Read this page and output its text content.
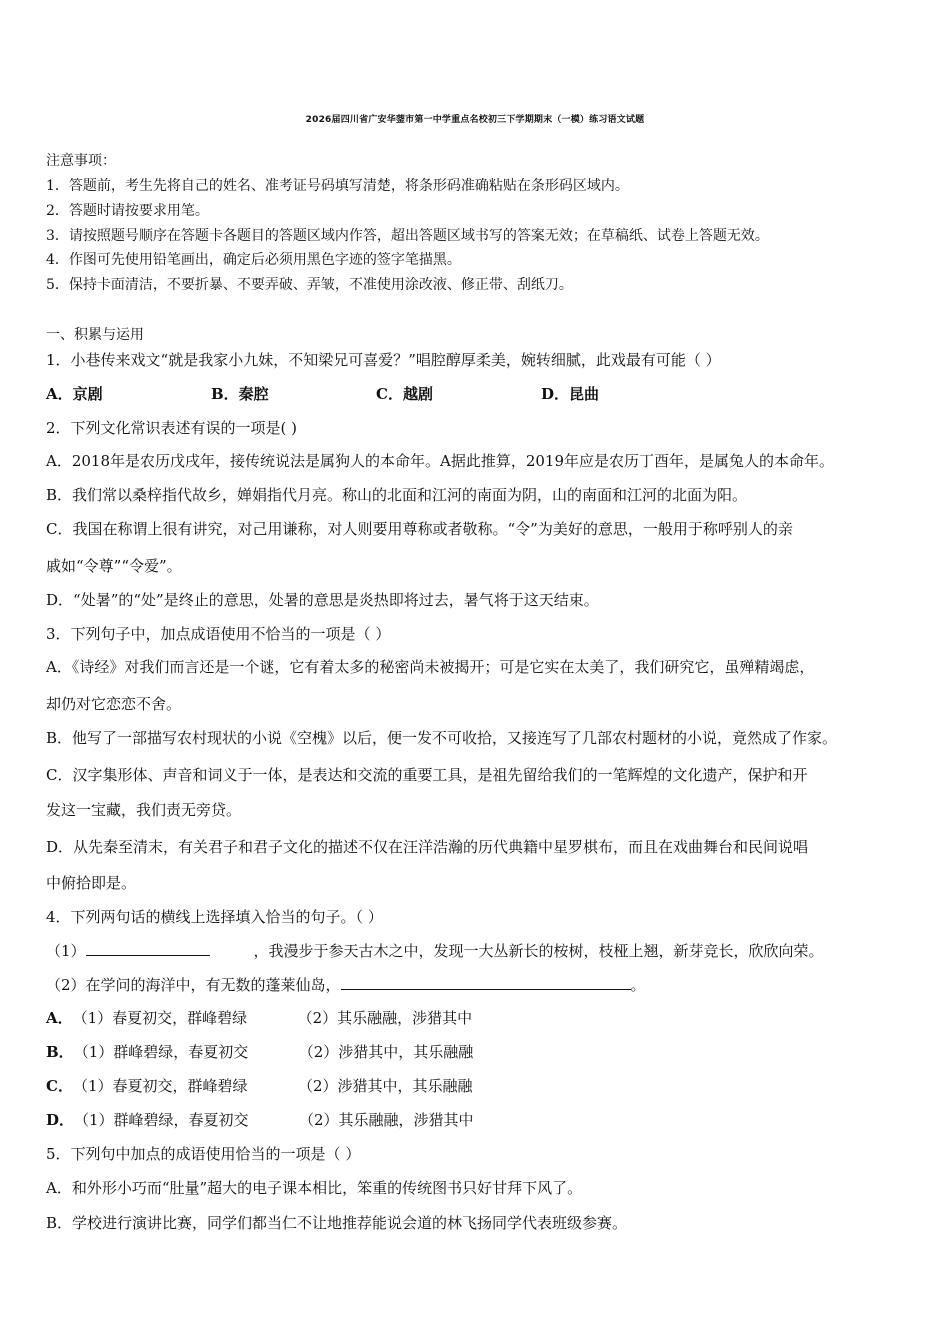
2026届四川省广安华蓥市第一中学重点名校初三下学期期末（一模）练习语文试题
注意事项：
1．答题前，考生先将自己的姓名、准考证号码填写清楚，将条形码准确粘贴在条形码区域内。
2．答题时请按要求用笔。
3．请按照题号顺序在答题卡各题目的答题区域内作答，超出答题区域书写的答案无效；在草稿纸、试卷上答题无效。
4．作图可先使用铅笔画出，确定后必须用黑色字迹的签字笔描黑。
5．保持卡面清洁，不要折暴、不要弄破、弄皱，不准使用涂改液、修正带、刮纸刀。
一、积累与运用
1．小巷传来戏文“就是我家小九妹，不知梁兄可喜爱？”唱腔醇厚柔美，婉转细腻，此戏最有可能（ ）
A．京剧	B．秦腔	C．越剧	D．昆曲
2．下列文化常识表述有误的一项是( )
A．2018年是农历戊戌年，接传统说法是属狗人的本命年。A据此推算，2019年应是农历丁酉年，是属兔人的本命年。
B．我们常以桑梓指代故乡，婵娟指代月亮。称山的北面和江河的南面为阴，山的南面和江河的北面为阳。
C．我国在称谓上很有讲究，对己用谦称，对人则要用尊称或者敬称。“令”为美好的意思，一般用于称呼别人的亲
戚如“令尊”“令爱”。
D．“处暑”的“处”是终止的意思，处暑的意思是炎热即将过去，暑气将于这天结束。
3．下列句子中，加点成语使用不恰当的一项是（ ）
A．《诗经》对我们而言还是一个谜，它有着太多的秘密尚未被揭开；可是它实在太美了，我们研究它，虽殚精竭虑，
却仍对它恋恋不舍。
B．他写了一部描写农村现状的小说《空槐》以后，便一发不可收拾，又接连写了几部农村题材的小说，竟然成了作家。
C．汉字集形体、声音和词义于一体，是表达和交流的重要工具，是祖先留给我们的一笔辉煌的文化遗产，保护和开
发这一宝藏，我们责无旁贷。
D．从先秦至清末，有关君子和君子文化的描述不仅在汪洋浩瀚的历代典籍中星罗棋布，而且在戏曲舞台和民间说唱
中俯拾即是。
4．下列两句话的横线上选择填入恰当的句子。（ ）
（1）	，我漫步于参天古木之中，发现一大丛新长的桉树，枝桠上翘，新芽竞长，欣欣向荣。
（2）在学问的海洋中，有无数的蓬莱仙岛，	。
A．（1）春夏初交，群峰碧绿	（2）其乐融融，涉猎其中
B．（1）群峰碧绿，春夏初交	（2）涉猎其中，其乐融融
C．（1）春夏初交，群峰碧绿	（2）涉猎其中，其乐融融
D．（1）群峰碧绿，春夏初交	（2）其乐融融，涉猎其中
5．下列句中加点的成语使用恰当的一项是（ ）
A．和外形小巧而“肚量”超大的电子课本相比，笨重的传统图书只好甘拜下风了。
B．学校进行演讲比赛，同学们都当仁不让地推荐能说会道的林飞扬同学代表班级参赛。
